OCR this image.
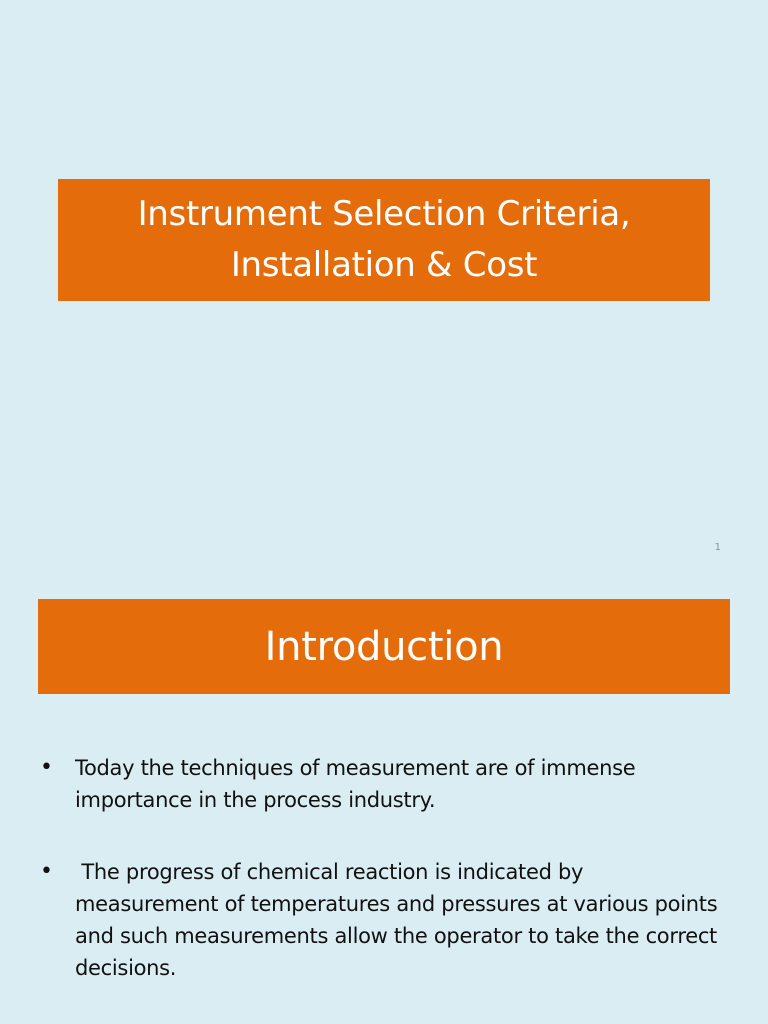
Instrument Selection Criteria,
Installation & Cost
1
Introduction
•	Today the techniques of measurement are of immense importance in the process industry.
•	The progress of chemical reaction is indicated by measurement of temperatures and pressures at various points and such measurements allow the operator to take the correct decisions.
